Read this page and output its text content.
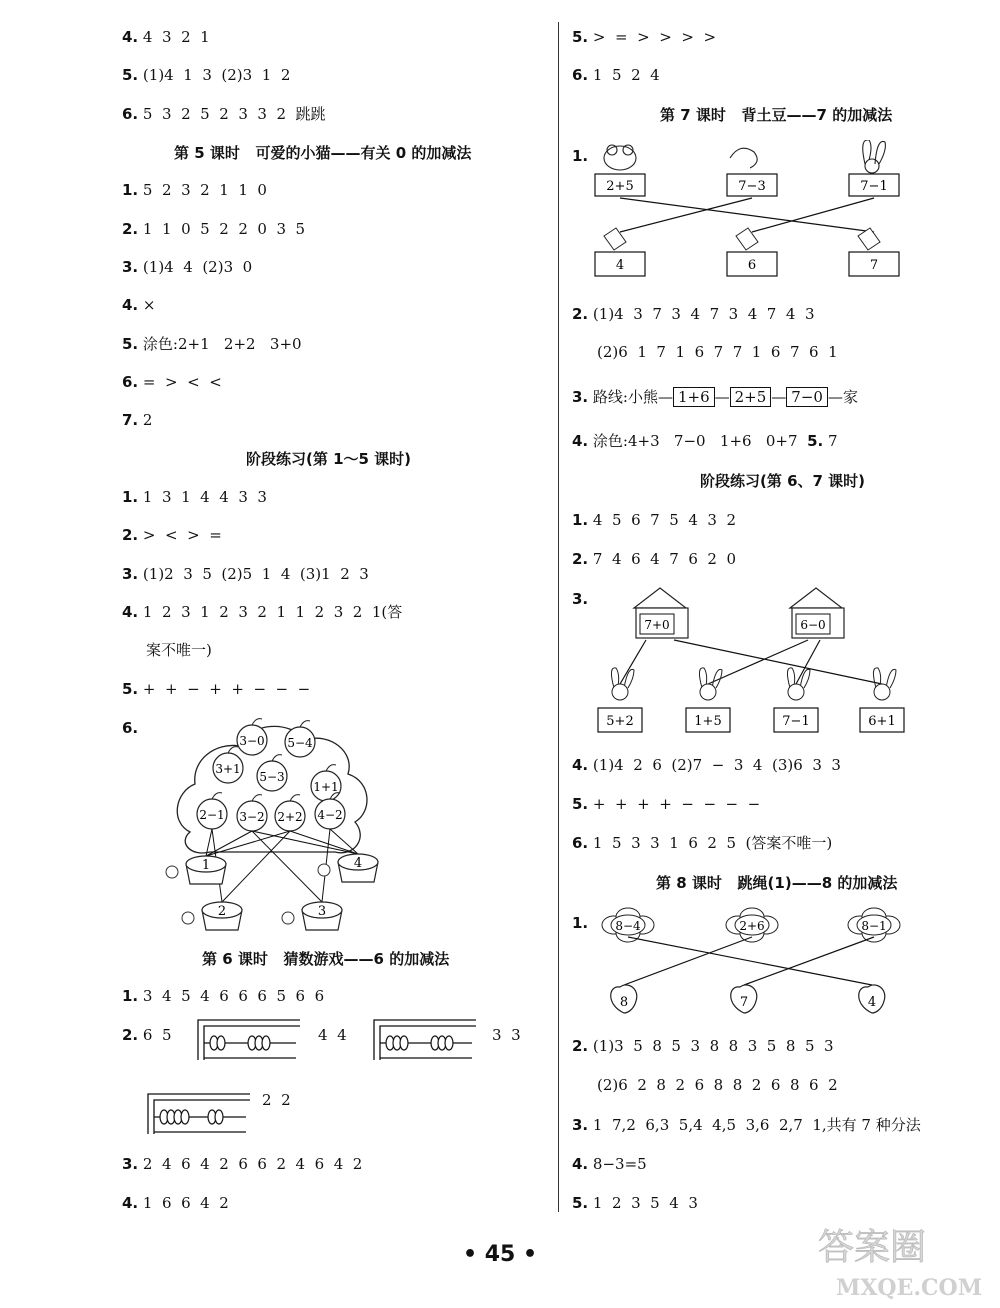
4. 4  3  2  1
5. (1)4  1  3  (2)3  1  2
6. 5  3  2  5  2  3  3  2  跳跳
第 5 课时   可爱的小猫——有关 0 的加减法
1. 5  2  3  2  1  1  0
2. 1  1  0  5  2  2  0  3  5
3. (1)4  4  (2)3  0
4. ×
5. 涂色:2+1   2+2   3+0
6. =  >  <  <
7. 2
阶段练习(第 1～5 课时)
1. 1  3  1  4  4  3  3
2. >  <  >  =
3. (1)2  3  5  (2)5  1  4  (3)1  2  3
4. 1  2  3  1  2  3  2  1  1  2  3  2  1(答
案不唯一)
5. +  +  −  +  +  −  −  −
6.
3−0 5−4
3+1
5−3
1+1
2−1 3−2 2+2 4−2
1	4
2	3
第 6 课时   猜数游戏——6 的加减法
1. 3  4  5  4  6  6  6  5  6  6
2. 6  5	4  4	3  3
2  2
3. 2  4  6  4  2  6  6  2  4  6  4  2
4. 1  6  6  4  2
5. >  =  >  >  >  >
6. 1  5  2  4
第 7 课时   背土豆——7 的加减法
1.
2+5	7−3	7−1
4	6	7
2. (1)4  3  7  3  4  7  3  4  7  4  3
(2)6  1  7  1  6  7  7  1  6  7  6  1
3. 路线:小熊— 1+6 — 2+5 — 7−0 —家
4. 涂色:4+3   7−0   1+6   0+7 5. 7
阶段练习(第 6、7 课时)
1. 4  5  6  7  5  4  3  2
2. 7  4  6  4  7  6  2  0
3.
7+0	6−0
5+2	1+5	7−1	6+1
4. (1)4  2  6  (2)7  −  3  4  (3)6  3  3
5. +  +  +  +  −  −  −  −
6. 1  5  3  3  1  6  2  5  (答案不唯一)
第 8 课时   跳绳(1)——8 的加减法
1. 8−4	2+6	8−1
8	7	4
2. (1)3  5  8  5  3  8  8  3  5  8  5  3
(2)6  2  8  2  6  8  8  2  6  8  6  2
3. 1  7,2  6,3  5,4  4,5  3,6  2,7  1,共有 7 种分法
4. 8−3=5
5. 1  2  3  5  4  3
• 45 •	答案圈
MXQE.COM
